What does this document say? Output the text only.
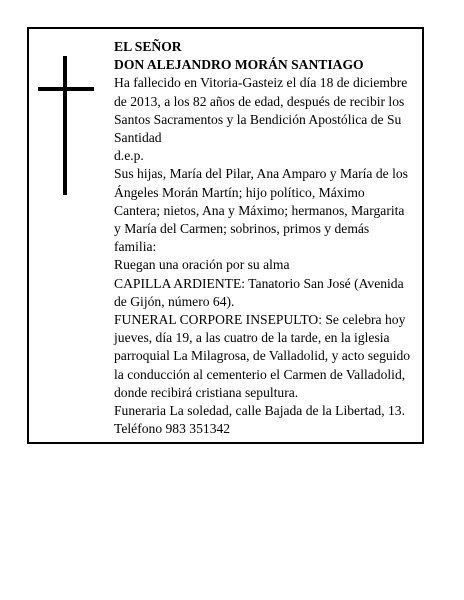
EL SEÑOR

DON ALEJANDRO MORÁN SANTIAGO

Ha fallecido en Vitoria-Gasteiz el día 18 de diciembre de 2013, a los 82 años de edad, después de recibir los Santos Sacramentos y la Bendición Apostólica de Su Santidad

d.e.p.

Sus hijas, María del Pilar, Ana Amparo y María de los Ángeles Morán Martín; hijo político, Máximo Cantera; nietos, Ana y Máximo; hermanos, Margarita y María del Carmen; sobrinos, primos y demás familia:

Ruegan una oración por su alma

CAPILLA ARDIENTE: Tanatorio San José (Avenida de Gijón, número 64).

FUNERAL CORPORE INSEPULTO: Se celebra hoy jueves, día 19, a las cuatro de la tarde, en la iglesia parroquial La Milagrosa, de Valladolid, y acto seguido la conducción al cementerio el Carmen de Valladolid, donde recibirá cristiana sepultura.

Funeraria La soledad, calle Bajada de la Libertad, 13. Teléfono 983 351342
